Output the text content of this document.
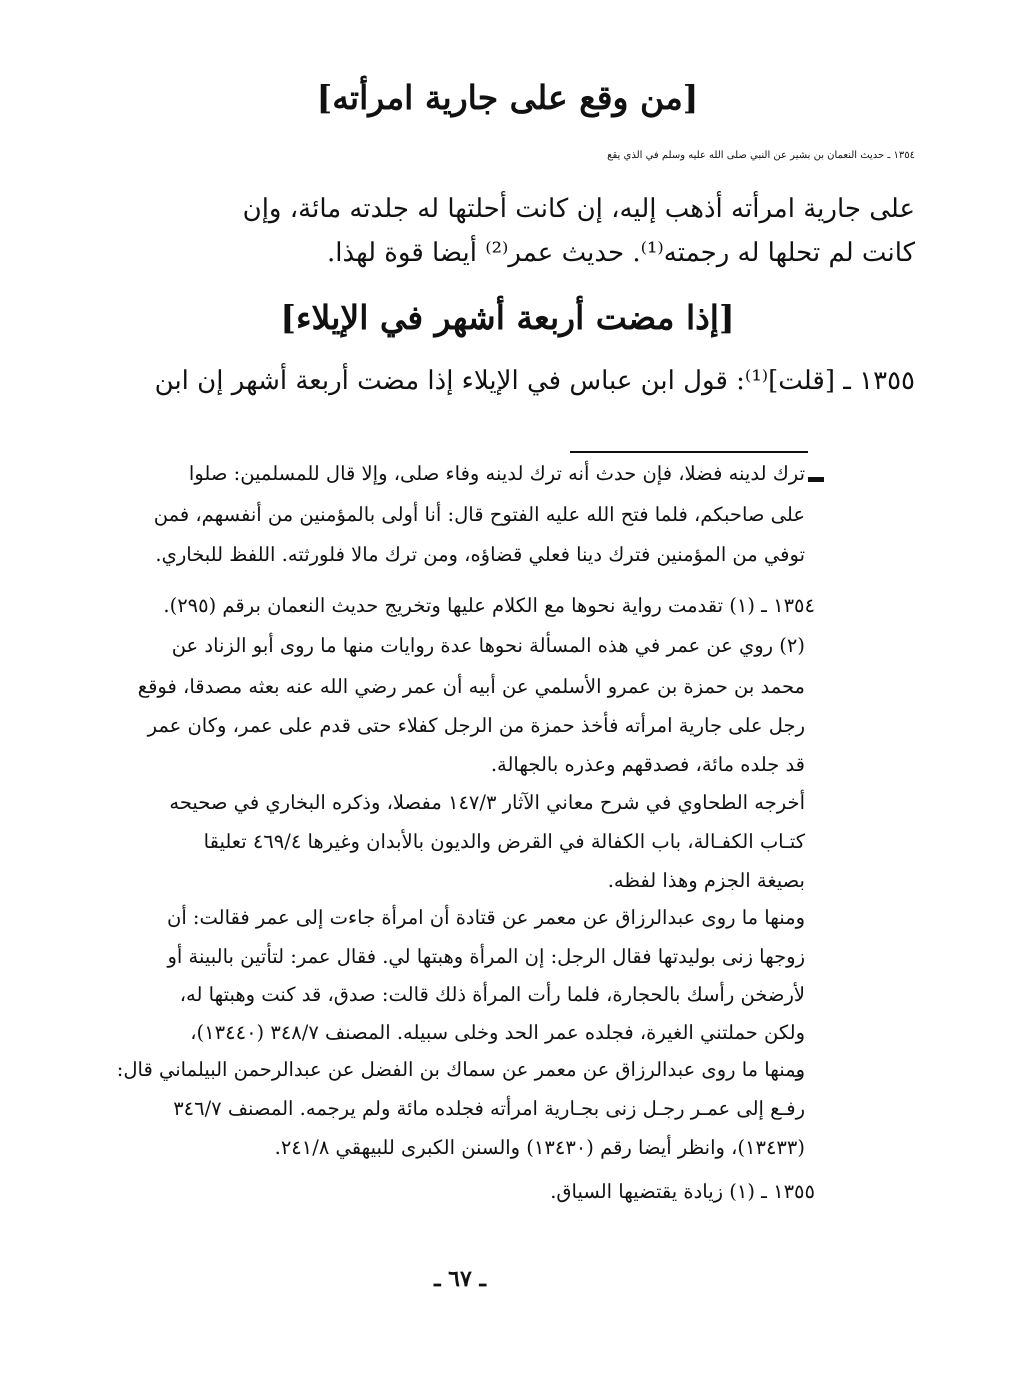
[من وقع على جارية امرأته]
١٣٥٤ ـ حديث النعمان بن بشير عن النبي صلى الله عليه وسلم في الذي يقع
على جارية امرأته أذهب إليه، إن كانت أحلتها له جلدته مائة، وإن
كانت لم تحلها له رجمته⁽¹⁾. حديث عمر⁽²⁾ أيضا قوة لهذا.
[إذا مضت أربعة أشهر في الإيلاء]
١٣٥٥ ـ [قلت]⁽¹⁾: قول ابن عباس في الإيلاء إذا مضت أربعة أشهر إن ابن
ترك لدينه فضلا، فإن حدث أنه ترك لدينه وفاء صلى، وإلا قال للمسلمين: صلوا
على صاحبكم، فلما فتح الله عليه الفتوح قال: أنا أولى بالمؤمنين من أنفسهم، فمن
توفي من المؤمنين فترك دينا فعلي قضاؤه، ومن ترك مالا فلورثته. اللفظ للبخاري.
١٣٥٤ ـ (١) تقدمت رواية نحوها مع الكلام عليها وتخريج حديث النعمان برقم (٢٩٥).
(٢) روي عن عمر في هذه المسألة نحوها عدة روايات منها ما روى أبو الزناد عن
محمد بن حمزة بن عمرو الأسلمي عن أبيه أن عمر رضي الله عنه بعثه مصدقا، فوقع
رجل على جارية امرأته فأخذ حمزة من الرجل كفلاء حتى قدم على عمر، وكان عمر
قد جلده مائة، فصدقهم وعذره بالجهالة.
أخرجه الطحاوي في شرح معاني الآثار ١٤٧/٣ مفصلا، وذكره البخاري في صحيحه
كتـاب الكفـالة، باب الكفالة في القرض والديون بالأبدان وغيرها ٤٦٩/٤ تعليقا
بصيغة الجزم وهذا لفظه.
ومنها ما روى عبدالرزاق عن معمر عن قتادة أن امرأة جاءت إلى عمر فقالت: أن
زوجها زنى بوليدتها فقال الرجل: إن المرأة وهبتها لي. فقال عمر: لتأتين بالبينة أو
لأرضخن رأسك بالحجارة، فلما رأت المرأة ذلك قالت: صدق، قد كنت وهبتها له،
ولكن حملتني الغيرة، فجلده عمر الحد وخلى سبيله. المصنف ٣٤٨/٧ (١٣٤٤٠)،
ومنها ما روى عبدالرزاق عن معمر عن سماك بن الفضل عن عبدالرحمن البيلماني قال:
رفـع إلى عمـر رجـل زنى بجـارية امرأته فجلده مائة ولم يرجمه. المصنف ٣٤٦/٧
(١٣٤٣٣)، وانظر أيضا رقم (١٣٤٣٠) والسنن الكبرى للبيهقي ٢٤١/٨.
١٣٥٥ ـ (١) زيادة يقتضيها السياق.
ـ ٦٧ ـ
